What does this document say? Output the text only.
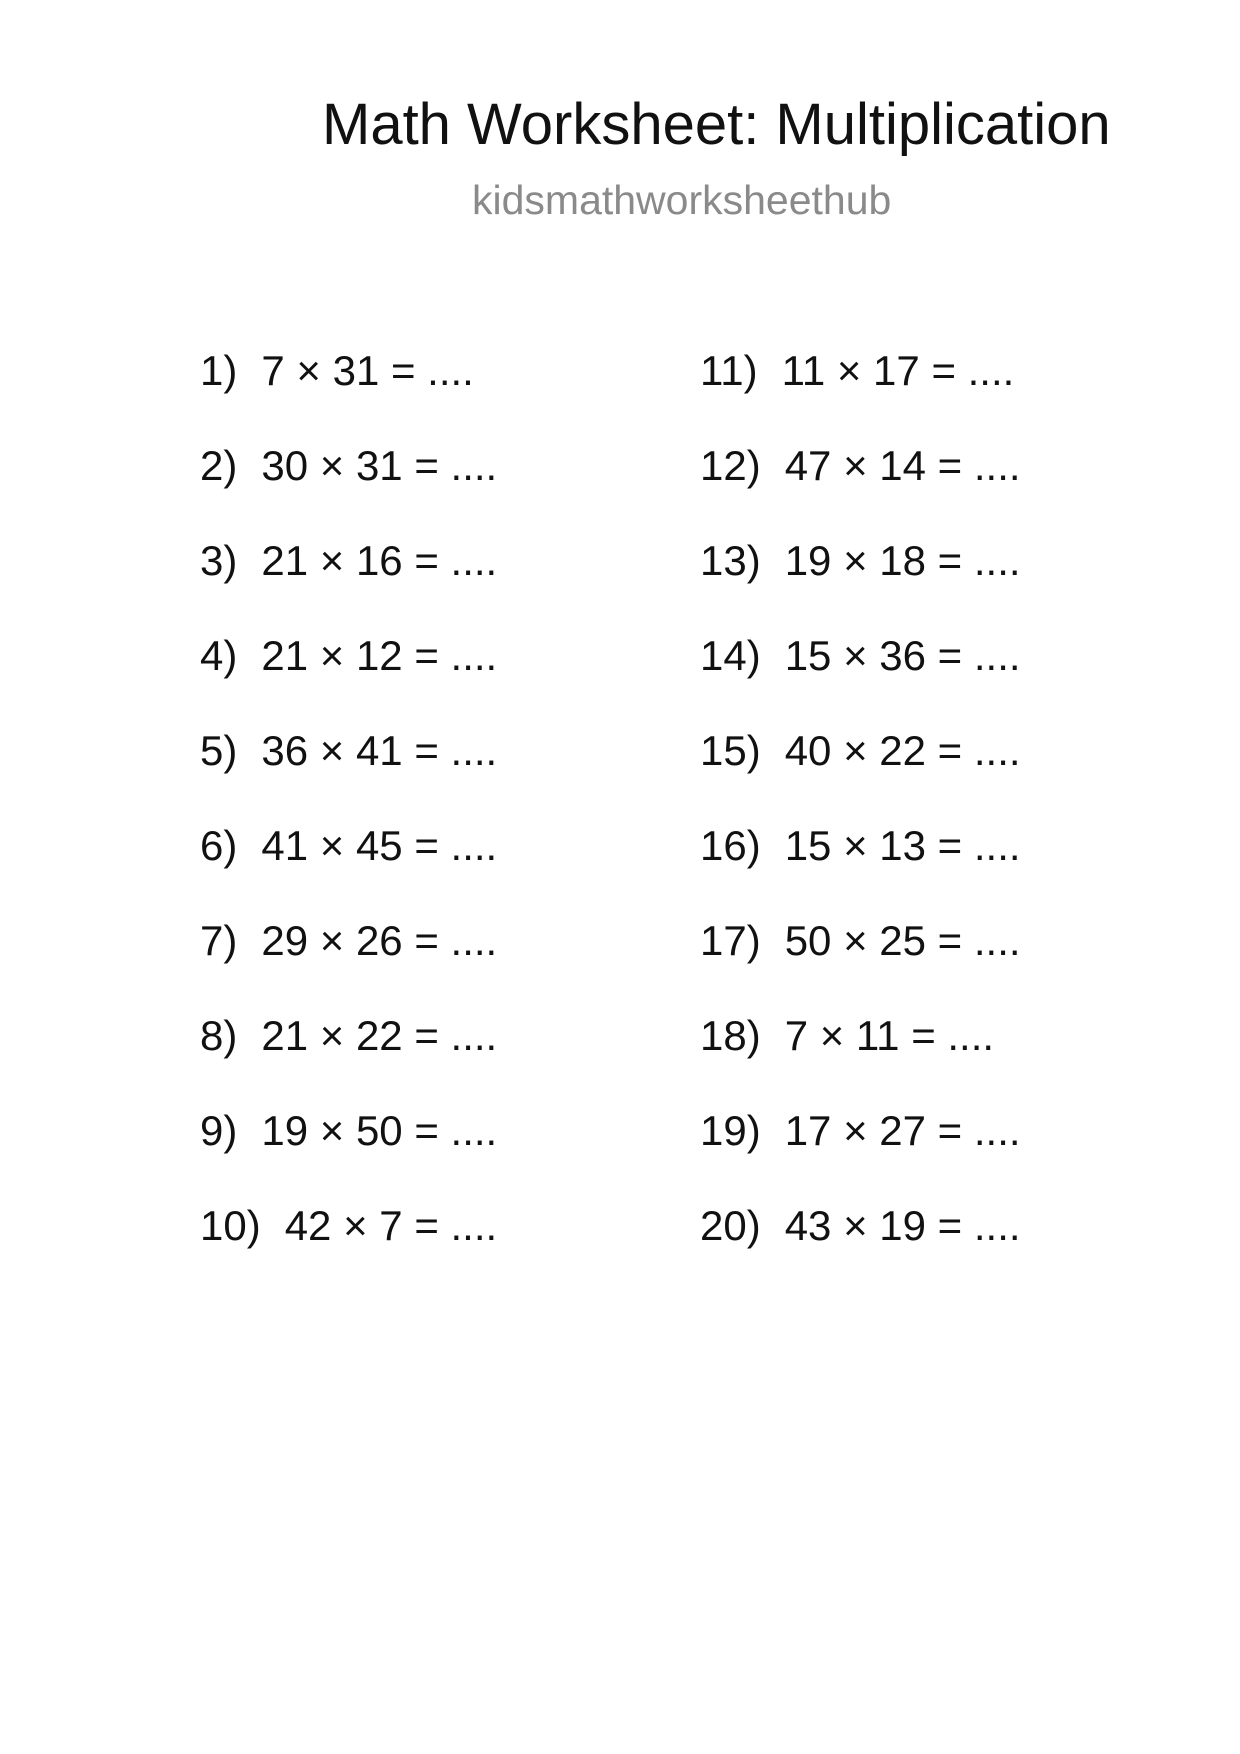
Math Worksheet: Multiplication
kidsmathworksheethub
1) 7 × 31 = ....
2) 30 × 31 = ....
3) 21 × 16 = ....
4) 21 × 12 = ....
5) 36 × 41 = ....
6) 41 × 45 = ....
7) 29 × 26 = ....
8) 21 × 22 = ....
9) 19 × 50 = ....
10) 42 × 7 = ....
11) 11 × 17 = ....
12) 47 × 14 = ....
13) 19 × 18 = ....
14) 15 × 36 = ....
15) 40 × 22 = ....
16) 15 × 13 = ....
17) 50 × 25 = ....
18) 7 × 11 = ....
19) 17 × 27 = ....
20) 43 × 19 = ....
